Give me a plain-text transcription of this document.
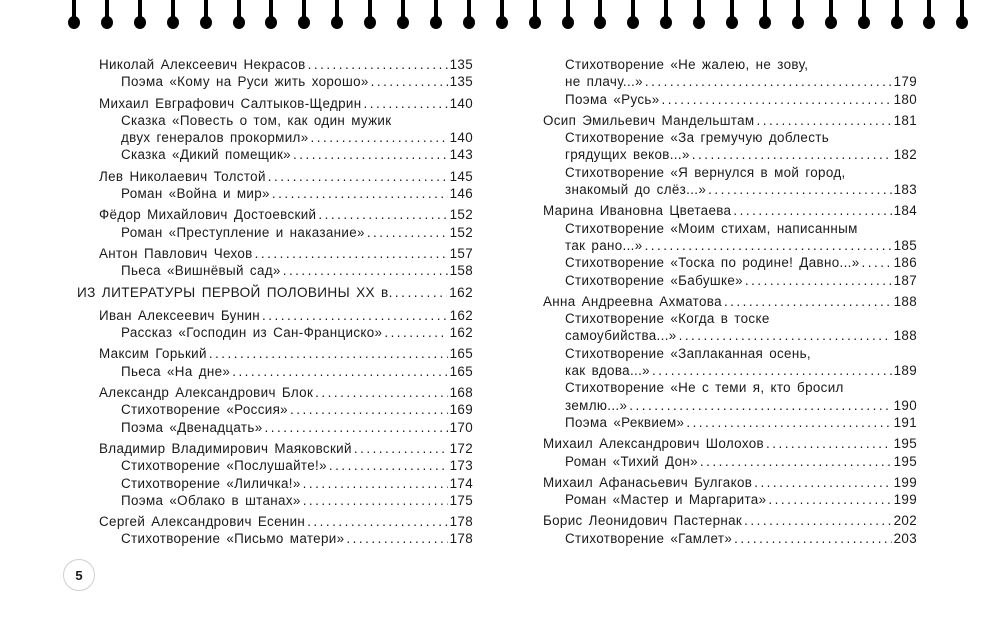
Николай Алексеевич Некрасов . . .	135
Поэма «Кому на Руси жить хорошо» . . .	135
Михаил Евграфович Салтыков-Щедрин . . .	140
Сказка «Повесть о том, как один мужик
двух генералов прокормил» . . .	140
Сказка «Дикий помещик» . . .	143
Лев Николаевич Толстой . . .	145
Роман «Война и мир» . . .	146
Фёдор Михайлович Достоевский . . .	152
Роман «Преступление и наказание» . . .	152
Антон Павлович Чехов . . .	157
Пьеса «Вишнёвый сад» . . .	158
ИЗ ЛИТЕРАТУРЫ ПЕРВОЙ ПОЛОВИНЫ XX в. . . .	162
Иван Алексеевич Бунин . . .	162
Рассказ «Господин из Сан-Франциско» . . .	162
Максим Горький . . .	165
Пьеса «На дне» . . .	165
Александр Александрович Блок . . .	168
Стихотворение «Россия» . . .	169
Поэма «Двенадцать» . . .	170
Владимир Владимирович Маяковский . . .	172
Стихотворение «Послушайте!» . . .	173
Стихотворение «Лиличка!» . . .	174
Поэма «Облако в штанах» . . .	175
Сергей Александрович Есенин . . .	178
Стихотворение «Письмо матери» . . .	178
Стихотворение «Не жалею, не зову,
не плачу...» . . .	179
Поэма «Русь» . . .	180
Осип Эмильевич Мандельштам . . .	181
Стихотворение «За гремучую доблесть
грядущих веков...» . . .	182
Стихотворение «Я вернулся в мой город,
знакомый до слёз...» . . .	183
Марина Ивановна Цветаева . . .	184
Стихотворение «Моим стихам, написанным
так рано...» . . .	185
Стихотворение «Тоска по родине! Давно...» . . .	186
Стихотворение «Бабушке» . . .	187
Анна Андреевна Ахматова . . .	188
Стихотворение «Когда в тоске
самоубийства...» . . .	188
Стихотворение «Заплаканная осень,
как вдова...» . . .	189
Стихотворение «Не с теми я, кто бросил
землю...» . . .	190
Поэма «Реквием» . . .	191
Михаил Александрович Шолохов . . .	195
Роман «Тихий Дон» . . .	195
Михаил Афанасьевич Булгаков . . .	199
Роман «Мастер и Маргарита» . . .	199
Борис Леонидович Пастернак . . .	202
Стихотворение «Гамлет» . . .	203
5
